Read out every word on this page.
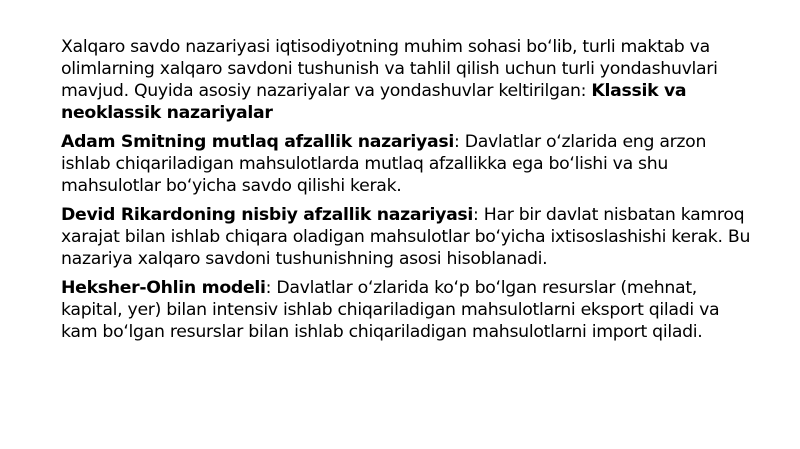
Xalqaro savdo nazariyasi iqtisodiyotning muhim sohasi boʻlib, turli maktab va olimlarning xalqaro savdoni tushunish va tahlil qilish uchun turli yondashuvlari mavjud. Quyida asosiy nazariyalar va yondashuvlar keltirilgan: Klassik va neoklassik nazariyalar

Adam Smitning mutlaq afzallik nazariyasi: Davlatlar oʻzlarida eng arzon ishlab chiqariladigan mahsulotlarda mutlaq afzallikka ega boʻlishi va shu mahsulotlar boʻyicha savdo qilishi kerak.

Devid Rikardoning nisbiy afzallik nazariyasi: Har bir davlat nisbatan kamroq xarajat bilan ishlab chiqara oladigan mahsulotlar boʻyicha ixtisoslashishi kerak. Bu nazariya xalqaro savdoni tushunishning asosi hisoblanadi.

Heksher-Ohlin modeli: Davlatlar oʻzlarida koʻp boʻlgan resurslar (mehnat, kapital, yer) bilan intensiv ishlab chiqariladigan mahsulotlarni eksport qiladi va kam boʻlgan resurslar bilan ishlab chiqariladigan mahsulotlarni import qiladi.
